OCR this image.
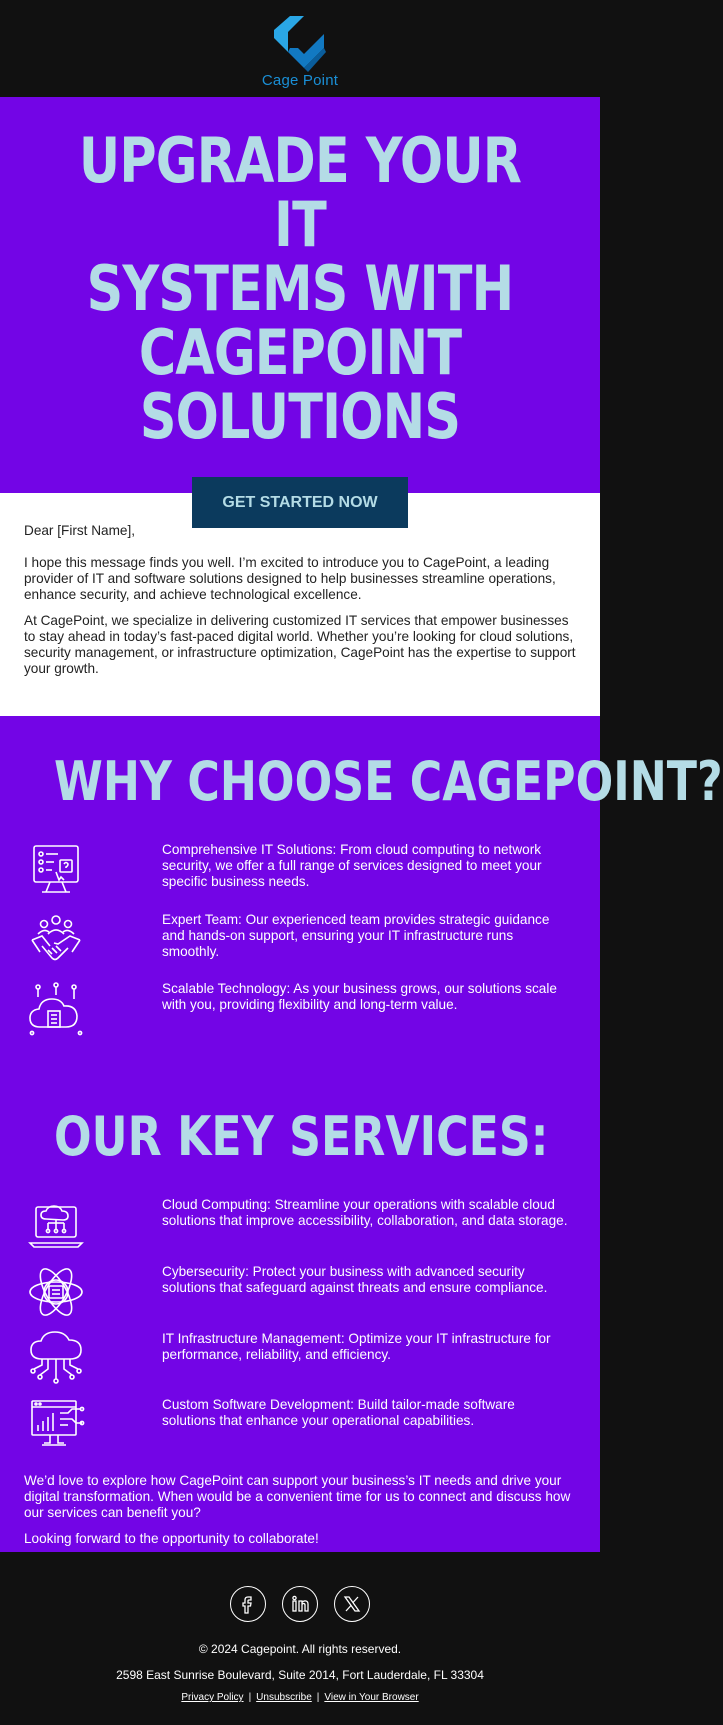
Cage Point
UPGRADE YOUR IT
SYSTEMS WITH
CAGEPOINT
SOLUTIONS
GET STARTED NOW

Dear [First Name],

I hope this message finds you well. I’m excited to introduce you to CagePoint, a leading provider of IT and software solutions designed to help businesses streamline operations, enhance security, and achieve technological excellence.

At CagePoint, we specialize in delivering customized IT services that empower businesses to stay ahead in today’s fast-paced digital world. Whether you’re looking for cloud solutions, security management, or infrastructure optimization, CagePoint has the expertise to support your growth.

WHY CHOOSE CAGEPOINT?
Comprehensive IT Solutions: From cloud computing to network security, we offer a full range of services designed to meet your specific business needs.
Expert Team: Our experienced team provides strategic guidance and hands-on support, ensuring your IT infrastructure runs smoothly.
Scalable Technology: As your business grows, our solutions scale with you, providing flexibility and long-term value.
OUR KEY SERVICES:
Cloud Computing: Streamline your operations with scalable cloud solutions that improve accessibility, collaboration, and data storage.
Cybersecurity: Protect your business with advanced security solutions that safeguard against threats and ensure compliance.
IT Infrastructure Management: Optimize your IT infrastructure for performance, reliability, and efficiency.
Custom Software Development: Build tailor-made software solutions that enhance your operational capabilities.

We’d love to explore how CagePoint can support your business’s IT needs and drive your digital transformation. When would be a convenient time for us to connect and discuss how our services can benefit you?

Looking forward to the opportunity to collaborate!

© 2024 Cagepoint. All rights reserved.
2598 East Sunrise Boulevard, Suite 2014, Fort Lauderdale, FL 33304
Privacy Policy | Unsubscribe | View in Your Browser
